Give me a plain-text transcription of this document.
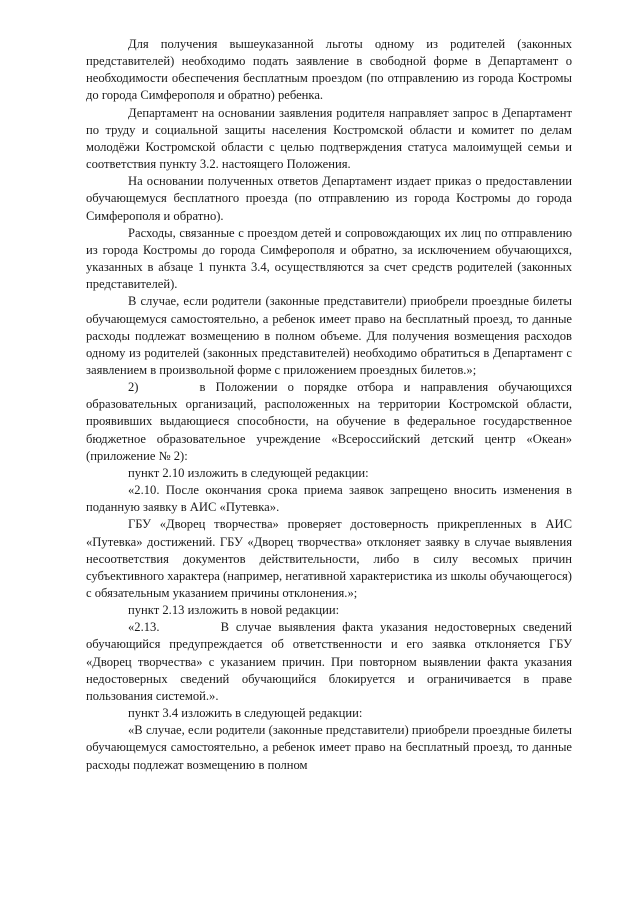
Для получения вышеуказанной льготы одному из родителей (законных представителей) необходимо подать заявление в свободной форме в Департамент о необходимости обеспечения бесплатным проездом (по отправлению из города Костромы до города Симферополя и обратно) ребенка.

Департамент на основании заявления родителя направляет запрос в Департамент по труду и социальной защиты населения Костромской области и комитет по делам молодёжи Костромской области с целью подтверждения статуса малоимущей семьи и соответствия пункту 3.2. настоящего Положения.

На основании полученных ответов Департамент издает приказ о предоставлении обучающемуся бесплатного проезда (по отправлению из города Костромы до города Симферополя и обратно).

Расходы, связанные с проездом детей и сопровождающих их лиц по отправлению из города Костромы до города Симферополя и обратно, за исключением обучающихся, указанных в абзаце 1 пункта 3.4, осуществляются за счет средств родителей (законных представителей).

В случае, если родители (законные представители) приобрели проездные билеты обучающемуся самостоятельно, а ребенок имеет право на бесплатный проезд, то данные расходы подлежат возмещению в полном объеме. Для получения возмещения расходов одному из родителей (законных представителей) необходимо обратиться в Департамент с заявлением в произвольной форме с приложением проездных билетов.»;

2)      в Положении о порядке отбора и направления обучающихся образовательных организаций, расположенных на территории Костромской области, проявивших выдающиеся способности, на обучение в федеральное государственное бюджетное образовательное учреждение «Всероссийский детский центр «Океан» (приложение № 2):

пункт 2.10 изложить в следующей редакции:

«2.10. После окончания срока приема заявок запрещено вносить изменения в поданную заявку в АИС «Путевка».

ГБУ «Дворец творчества» проверяет достоверность прикрепленных в АИС «Путевка» достижений. ГБУ «Дворец творчества» отклоняет заявку в случае выявления несоответствия документов действительности, либо в силу весомых причин субъективного характера (например, негативной характеристика из школы обучающегося) с обязательным указанием причины отклонения.»;

пункт 2.13 изложить в новой редакции:

«2.13.         В случае выявления факта указания недостоверных сведений обучающийся предупреждается об ответственности и его заявка отклоняется ГБУ «Дворец творчества» с указанием причин. При повторном выявлении факта указания недостоверных сведений обучающийся блокируется и ограничивается в праве пользования системой.».

пункт 3.4 изложить в следующей редакции:

«В случае, если родители (законные представители) приобрели проездные билеты обучающемуся самостоятельно, а ребенок имеет право на бесплатный проезд, то данные расходы подлежат возмещению в полном
